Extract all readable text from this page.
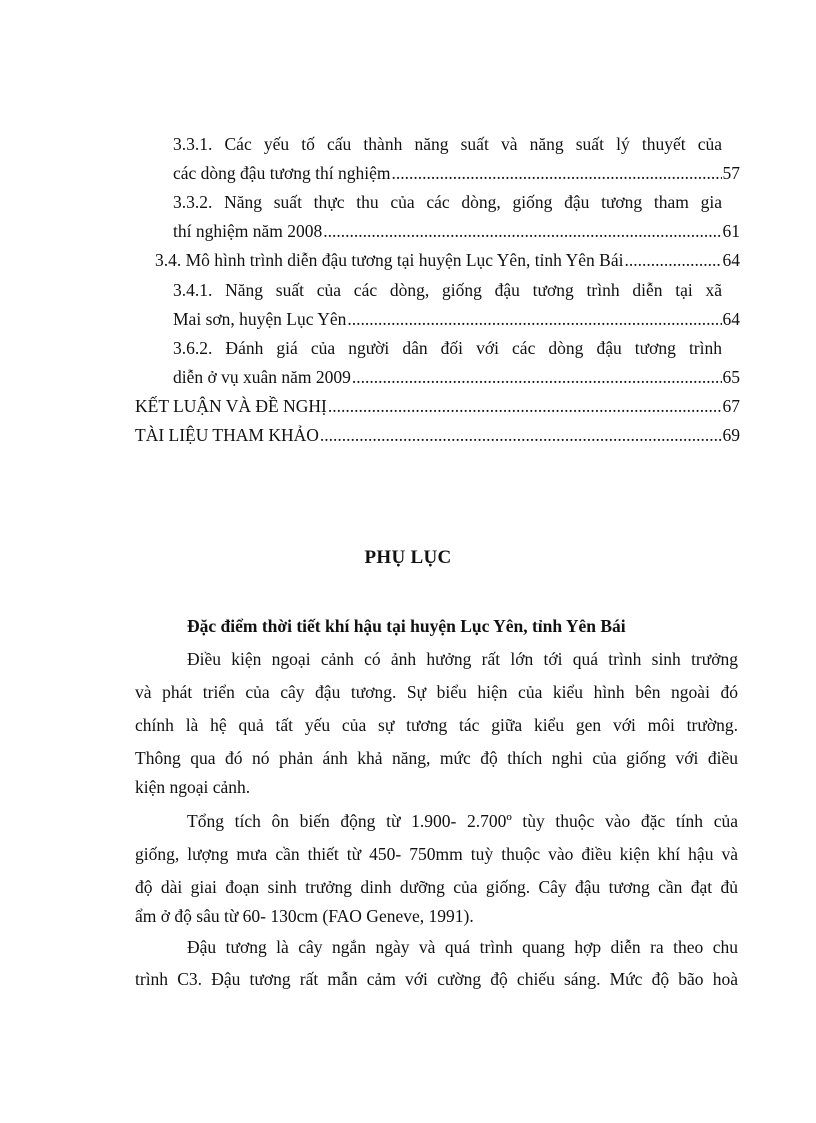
3.3.1. Các yếu tố cấu thành năng suất và năng suất lý thuyết của
các dòng đậu tương thí nghiệm .....	57
3.3.2. Năng suất thực thu của các dòng, giống đậu tương tham gia
thí nghiệm năm 2008 .....	61
3.4. Mô hình trình diễn đậu tương tại huyện Lục Yên, tỉnh Yên Bái .....	64
3.4.1. Năng suất của các dòng, giống đậu tương trình diễn tại xã
Mai sơn, huyện Lục Yên .....	64
3.6.2. Đánh giá của người dân đối với các dòng đậu tương trình
diễn ở vụ xuân năm 2009 .....	65
KẾT LUẬN VÀ ĐỀ NGHỊ .....	67
TÀI LIỆU THAM KHẢO .....	69
PHỤ LỤC
Đặc điểm thời tiết khí hậu tại huyện Lục Yên, tỉnh Yên Bái
Điều kiện ngoại cảnh có ảnh hưởng rất lớn tới quá trình sinh trưởng
và phát triển của cây đậu tương. Sự biểu hiện của kiểu hình bên ngoài đó
chính là hệ quả tất yếu của sự tương tác giữa kiểu gen với môi trường.
Thông qua đó nó phản ánh khả năng, mức độ thích nghi của giống với điều
kiện ngoại cảnh.
Tổng tích ôn biến động từ 1.900- 2.700º tùy thuộc vào đặc tính của
giống, lượng mưa cần thiết từ 450- 750mm tuỳ thuộc vào điều kiện khí hậu và
độ dài giai đoạn sinh trưởng dinh dưỡng của giống. Cây đậu tương cần đạt đủ
ẩm ở độ sâu từ 60- 130cm (FAO Geneve, 1991).
Đậu tương là cây ngắn ngày và quá trình quang hợp diễn ra theo chu
trình C3. Đậu tương rất mẫn cảm với cường độ chiếu sáng. Mức độ bão hoà
